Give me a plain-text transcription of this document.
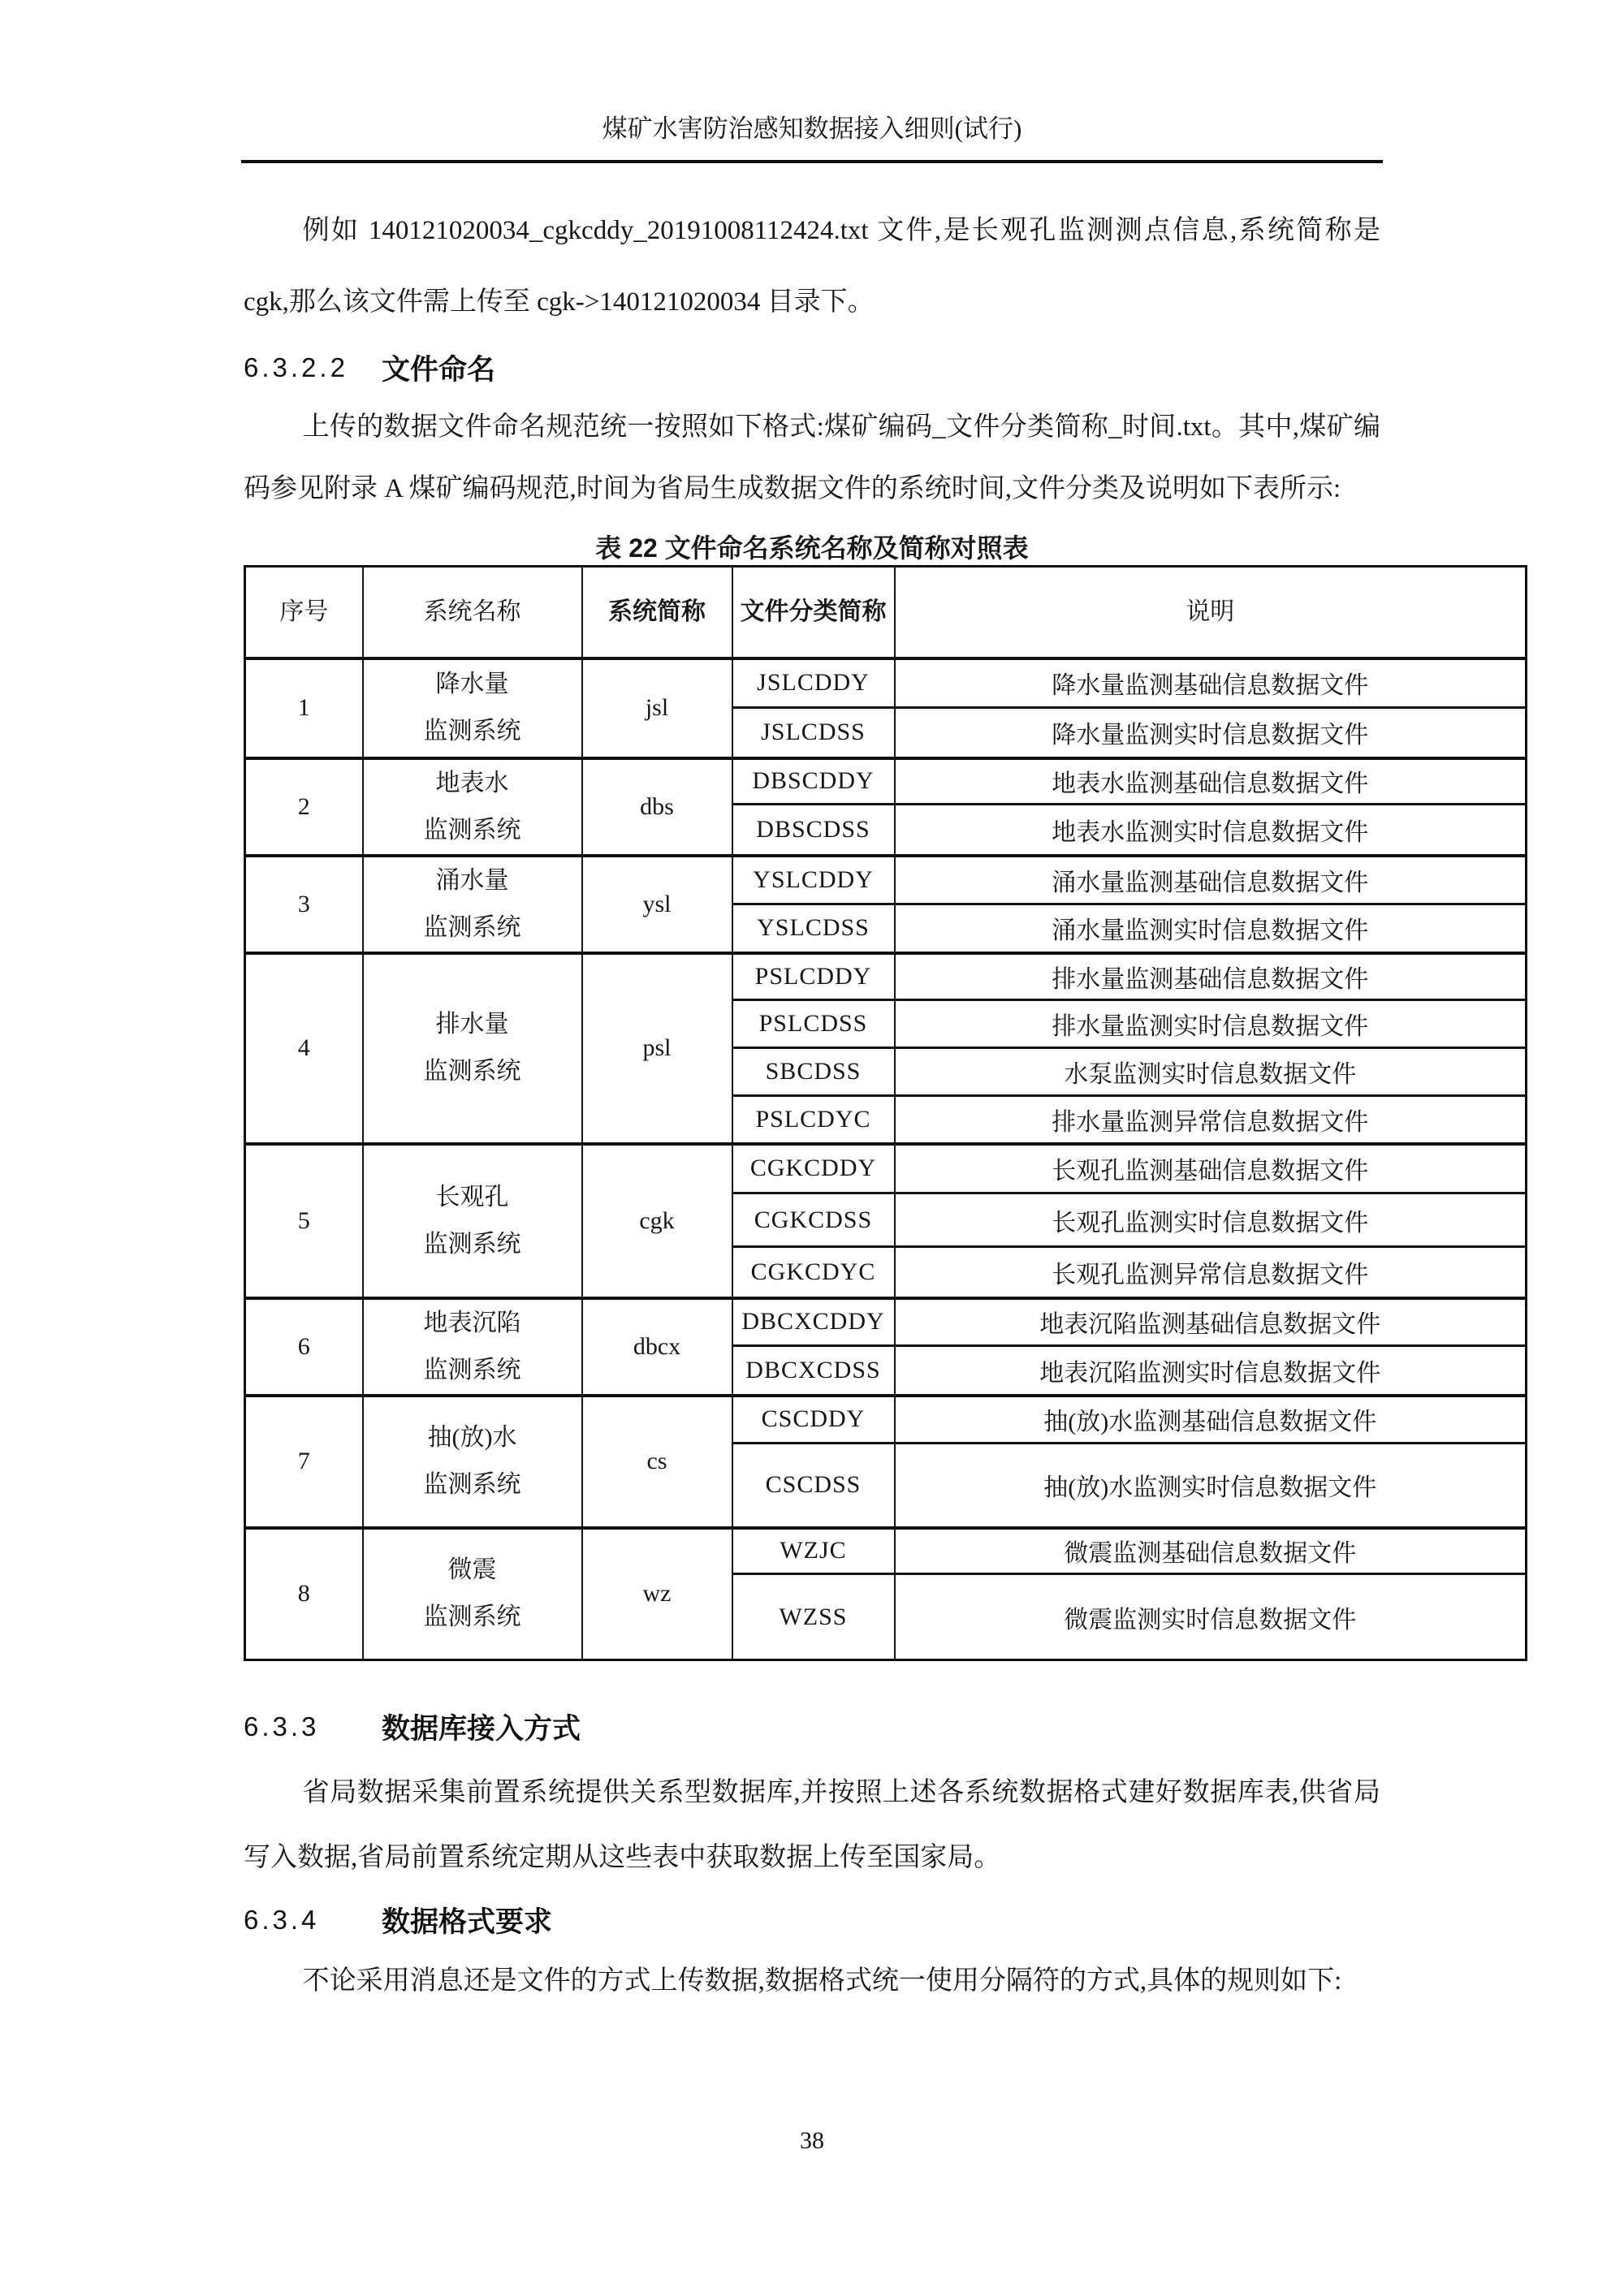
煤矿水害防治感知数据接入细则(试行)

例如 140121020034_cgkcddy_20191008112424.txt 文件,是长观孔监测测点信息,系统简称是 cgk,那么该文件需上传至 cgk->140121020034 目录下。

6.3.2.2	文件命名

上传的数据文件命名规范统一按照如下格式:煤矿编码_文件分类简称_时间.txt。其中,煤矿编码参见附录 A 煤矿编码规范,时间为省局生成数据文件的系统时间,文件分类及说明如下表所示:

表 22 文件命名系统名称及简称对照表
序号	系统名称	系统简称	文件分类简称	说明
1	降水量
监测系统	jsl	JSLCDDY	降水量监测基础信息数据文件
			JSLCDSS	降水量监测实时信息数据文件
2	地表水
监测系统	dbs	DBSCDDY	地表水监测基础信息数据文件
			DBSCDSS	地表水监测实时信息数据文件
3	涌水量
监测系统	ysl	YSLCDDY	涌水量监测基础信息数据文件
			YSLCDSS	涌水量监测实时信息数据文件
4	排水量
监测系统	psl	PSLCDDY	排水量监测基础信息数据文件
			PSLCDSS	排水量监测实时信息数据文件
			SBCDSS	水泵监测实时信息数据文件
			PSLCDYC	排水量监测异常信息数据文件
5	长观孔
监测系统	cgk	CGKCDDY	长观孔监测基础信息数据文件
			CGKCDSS	长观孔监测实时信息数据文件
			CGKCDYC	长观孔监测异常信息数据文件
6	地表沉陷
监测系统	dbcx	DBCXCDDY	地表沉陷监测基础信息数据文件
			DBCXCDSS	地表沉陷监测实时信息数据文件
7	抽(放)水
监测系统	cs	CSCDDY	抽(放)水监测基础信息数据文件
			CSCDSS	抽(放)水监测实时信息数据文件
8	微震
监测系统	wz	WZJC	微震监测基础信息数据文件
			WZSS	微震监测实时信息数据文件
6.3.3	数据库接入方式

省局数据采集前置系统提供关系型数据库,并按照上述各系统数据格式建好数据库表,供省局写入数据,省局前置系统定期从这些表中获取数据上传至国家局。

6.3.4	数据格式要求

不论采用消息还是文件的方式上传数据,数据格式统一使用分隔符的方式,具体的规则如下:

38
